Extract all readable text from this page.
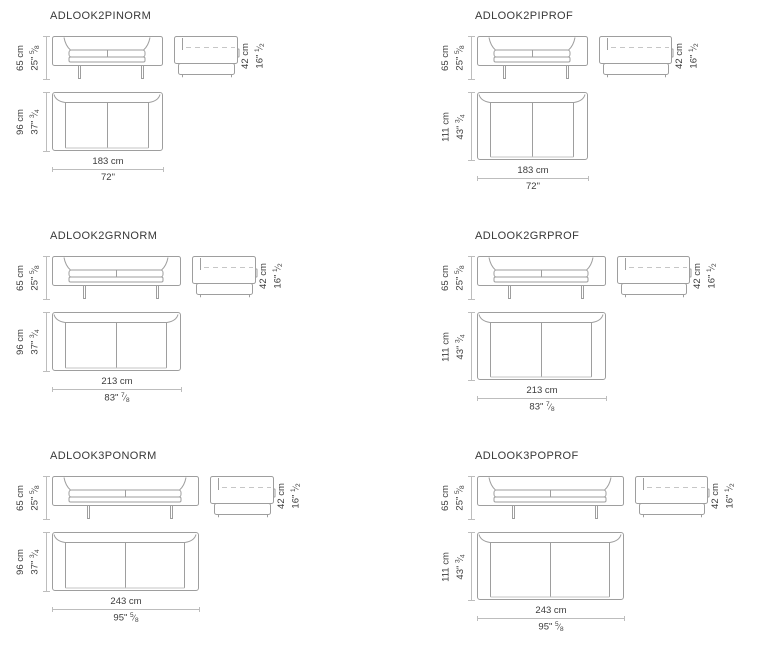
ADLOOK2PINORM
65 cm 25" $^5⁄_8$	42 cm 16" $^1⁄_2$
96 cm 37" $^3⁄_4$
183 cm
72"
ADLOOK2PIPROF
65 cm 25" $^5⁄_8$	42 cm 16" $^1⁄_2$
111 cm 43" $^3⁄_4$
183 cm
72"
ADLOOK2GRNORM
65 cm 25" $^5⁄_8$	42 cm 16" $^1⁄_2$
96 cm 37" $^3⁄_4$
213 cm
83" $^7⁄_8$
ADLOOK2GRPROF
65 cm 25" $^5⁄_8$	42 cm 16" $^1⁄_2$
111 cm 43" $^3⁄_4$
213 cm
83" $^7⁄_8$
ADLOOK3PONORM
65 cm 25" $^5⁄_8$	42 cm 16" $^1⁄_2$
96 cm 37" $^3⁄_4$
243 cm
95" $^5⁄_8$
ADLOOK3POPROF
65 cm 25" $^5⁄_8$	42 cm 16" $^1⁄_2$
111 cm 43" $^3⁄_4$
243 cm
95" $^5⁄_8$
